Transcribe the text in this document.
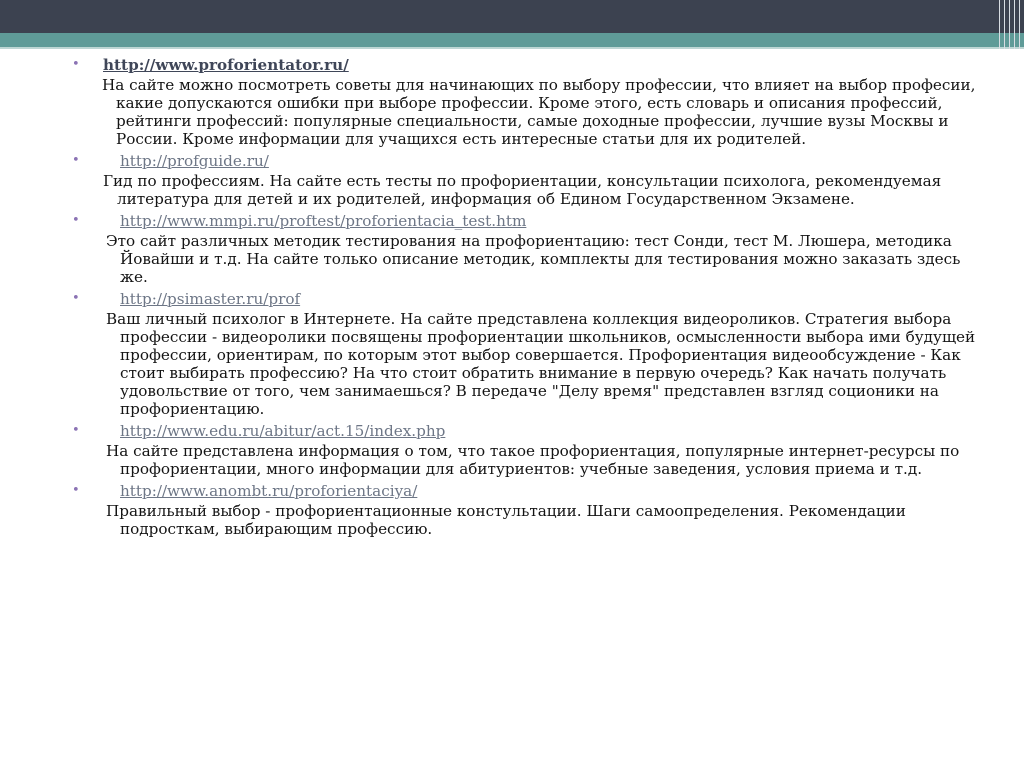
•	http://www.proforientator.ru/
На сайте можно посмотреть советы для начинающих по выбору профессии, что влияет на выбор професии, какие допускаются ошибки при выборе профессии. Кроме этого, есть словарь и описания профессий, рейтинги профессий: популярные специальности, самые доходные профессии, лучшие вузы Москвы и России. Кроме информации для учащихся есть интересные статьи для их родителей.
•	http://profguide.ru/
Гид по профессиям. На сайте есть тесты по профориентации, консультации психолога, рекомендуемая литература для детей и их родителей, информация об Едином Государственном Экзамене.
•	http://www.mmpi.ru/proftest/proforientacia_test.htm
Это сайт различных методик тестирования на профориентацию: тест Сонди, тест М. Люшера, методика Йовайши и т.д. На сайте только описание методик, комплекты для тестирования можно заказать здесь же.
•	http://psimaster.ru/prof
Ваш личный психолог в Интернете. На сайте представлена коллекция видеороликов. Стратегия выбора профессии - видеоролики посвящены профориентации школьников, осмысленности выбора ими будущей профессии, ориентирам, по которым этот выбор совершается. Профориентация видеообсуждение - Как стоит выбирать профессию? На что стоит обратить внимание в первую очередь? Как начать получать удовольствие от того, чем занимаешься? В передаче "Делу время" представлен взгляд соционики на профориентацию.
•	http://www.edu.ru/abitur/act.15/index.php
На сайте представлена информация о том, что такое профориентация, популярные интернет-ресурсы по профориентации, много информации для абитуриентов: учебные заведения, условия приема и т.д.
•	http://www.anombt.ru/proforientaciya/
Правильный выбор - профориентационные констультации. Шаги самоопределения. Рекомендации подросткам, выбирающим профессию.
